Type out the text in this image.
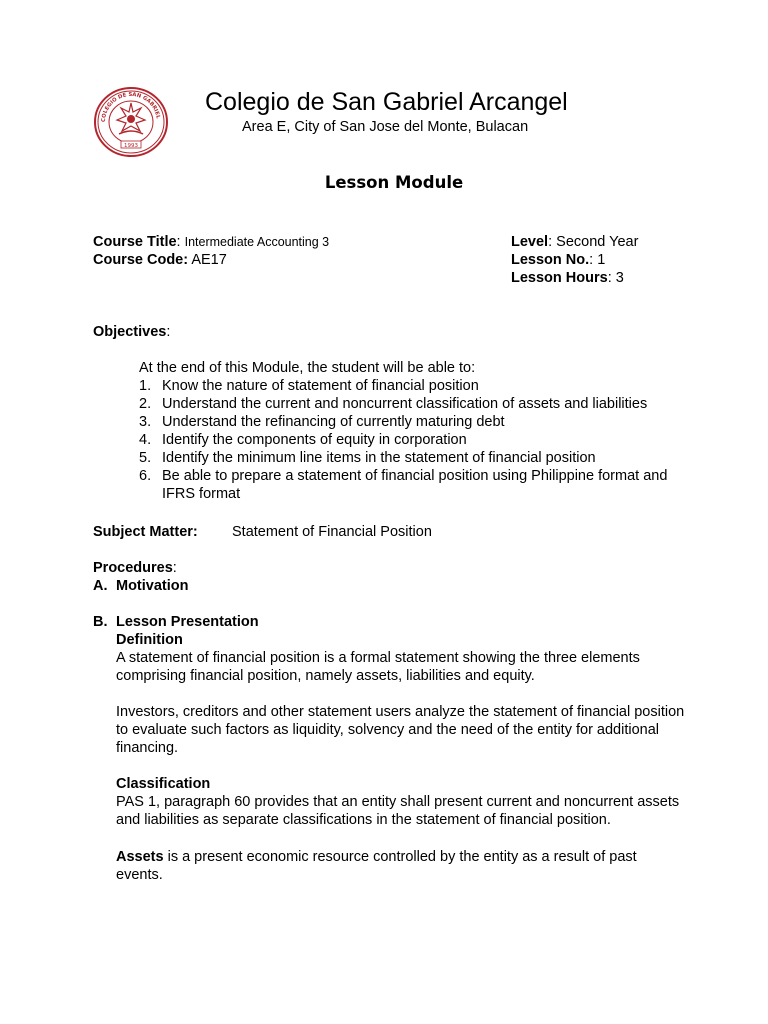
COLEGIO DE SAN GABRIEL
1993
Colegio de San Gabriel Arcangel
Area E, City of San Jose del Monte, Bulacan
Lesson Module
Course Title: Intermediate Accounting 3
Course Code: AE17
Level: Second Year
Lesson No.: 1
Lesson Hours: 3
Objectives:
At the end of this Module, the student will be able to:
1. Know the nature of statement of financial position
2. Understand the current and noncurrent classification of assets and liabilities
3. Understand the refinancing of currently maturing debt
4. Identify the components of equity in corporation
5. Identify the minimum line items in the statement of financial position
6. Be able to prepare a statement of financial position using Philippine format and IFRS format
Subject Matter: Statement of Financial Position
Procedures:
A. Motivation
B. Lesson Presentation
Definition
A statement of financial position is a formal statement showing the three elements comprising financial position, namely assets, liabilities and equity.
Investors, creditors and other statement users analyze the statement of financial position to evaluate such factors as liquidity, solvency and the need of the entity for additional financing.
Classification
PAS 1, paragraph 60 provides that an entity shall present current and noncurrent assets and liabilities as separate classifications in the statement of financial position.
Assets is a present economic resource controlled by the entity as a result of past events.
